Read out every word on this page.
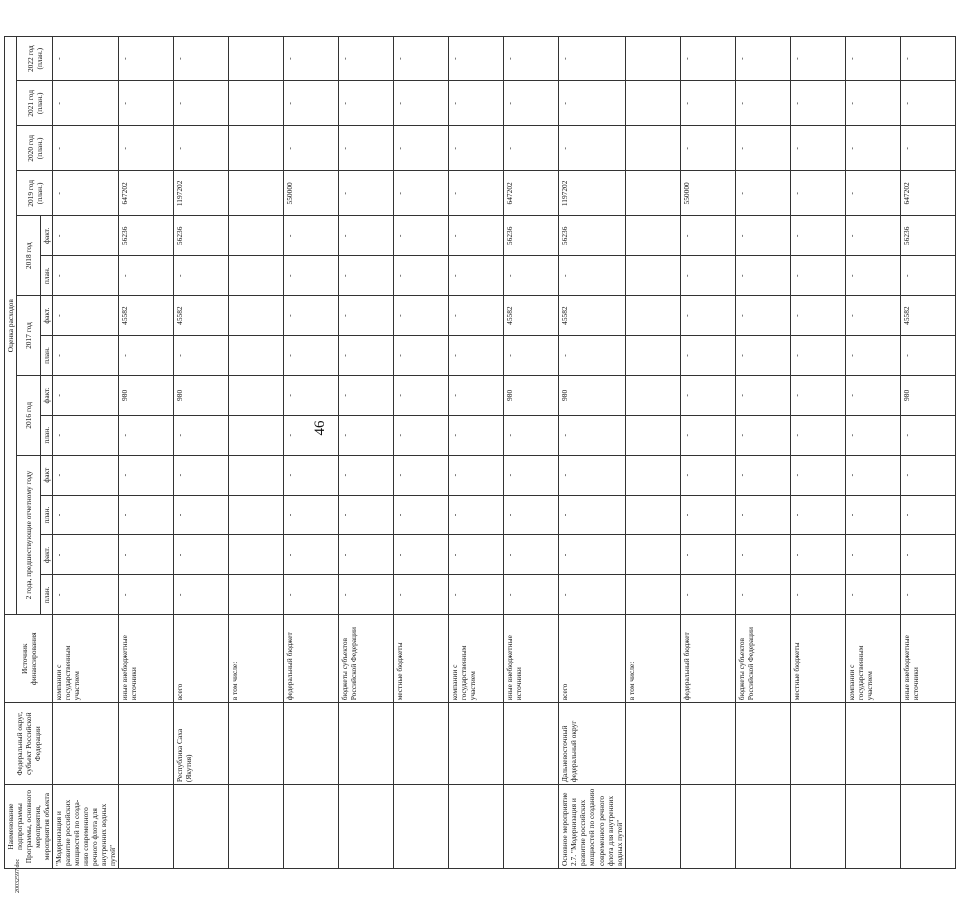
46
Наименование подпрограммы Программы, основного мероприятия, мероприятия объекта	Федеральный округ, субъект Российской Федерации	Источник финансирования	Оценка расходов													
			2 года, предшествующие отчетному году				2016 год		2017 год		2018 год		2019 год (план.)	2020 год (план.)	2021 год (план.)	2022 год (план.)
			план.	факт.	план.	факт	план.	факт.	план.	факт.	план.	факт.				
"Модернизация и развитие российских мощностей по созда-нию современного речного флота для внутренних водных путей"		компании с государственным участием	-	-	-	-	-	-	-	-	-	-	-	-	-	-
		иные внебюджетные источники	-	-	-	-	-	980	-	45582	-	56236	647202	-	-	-
	Республика Саха (Якутия)	всего	-	-	-	-	-	980	-	45582	-	56236	1197202	-	-	-
		в том числе:														
		федеральный бюджет	-	-	-	-	-	-	-	-	-	-	550000	-	-	-
		бюджеты субъектов Российской Федерации	-	-	-	-	-	-	-	-	-	-	-	-	-	-
		местные бюджеты	-	-	-	-	-	-	-	-	-	-	-	-	-	-
		компании с государственным участием	-	-	-	-	-	-	-	-	-	-	-	-	-	-
		иные внебюджетные источники	-	-	-	-	-	980	-	45582	-	56236	647202	-	-	-
Основное мероприятие 2.7. "Модернизация и развитие российских мощностей по созданию современного речного флота для внутренних водных путей"	Дальневосточный федеральный округ	всего	-	-	-	-	-	980	-	45582	-	56236	1197202	-	-	-
		в том числе:														
		федеральный бюджет	-	-	-	-	-	-	-	-	-	-	550000	-	-	-
		бюджеты субъектов Российской Федерации	-	-	-	-	-	-	-	-	-	-	-	-	-	-
		местные бюджеты	-	-	-	-	-	-	-	-	-	-	-	-	-	-
		компании с государственным участием	-	-	-	-	-	-	-	-	-	-	-	-	-	-
		иные внебюджетные источники	-	-	-	-	-	980	-	45582	-	56236	647202	-	-	-
20032597.doc
